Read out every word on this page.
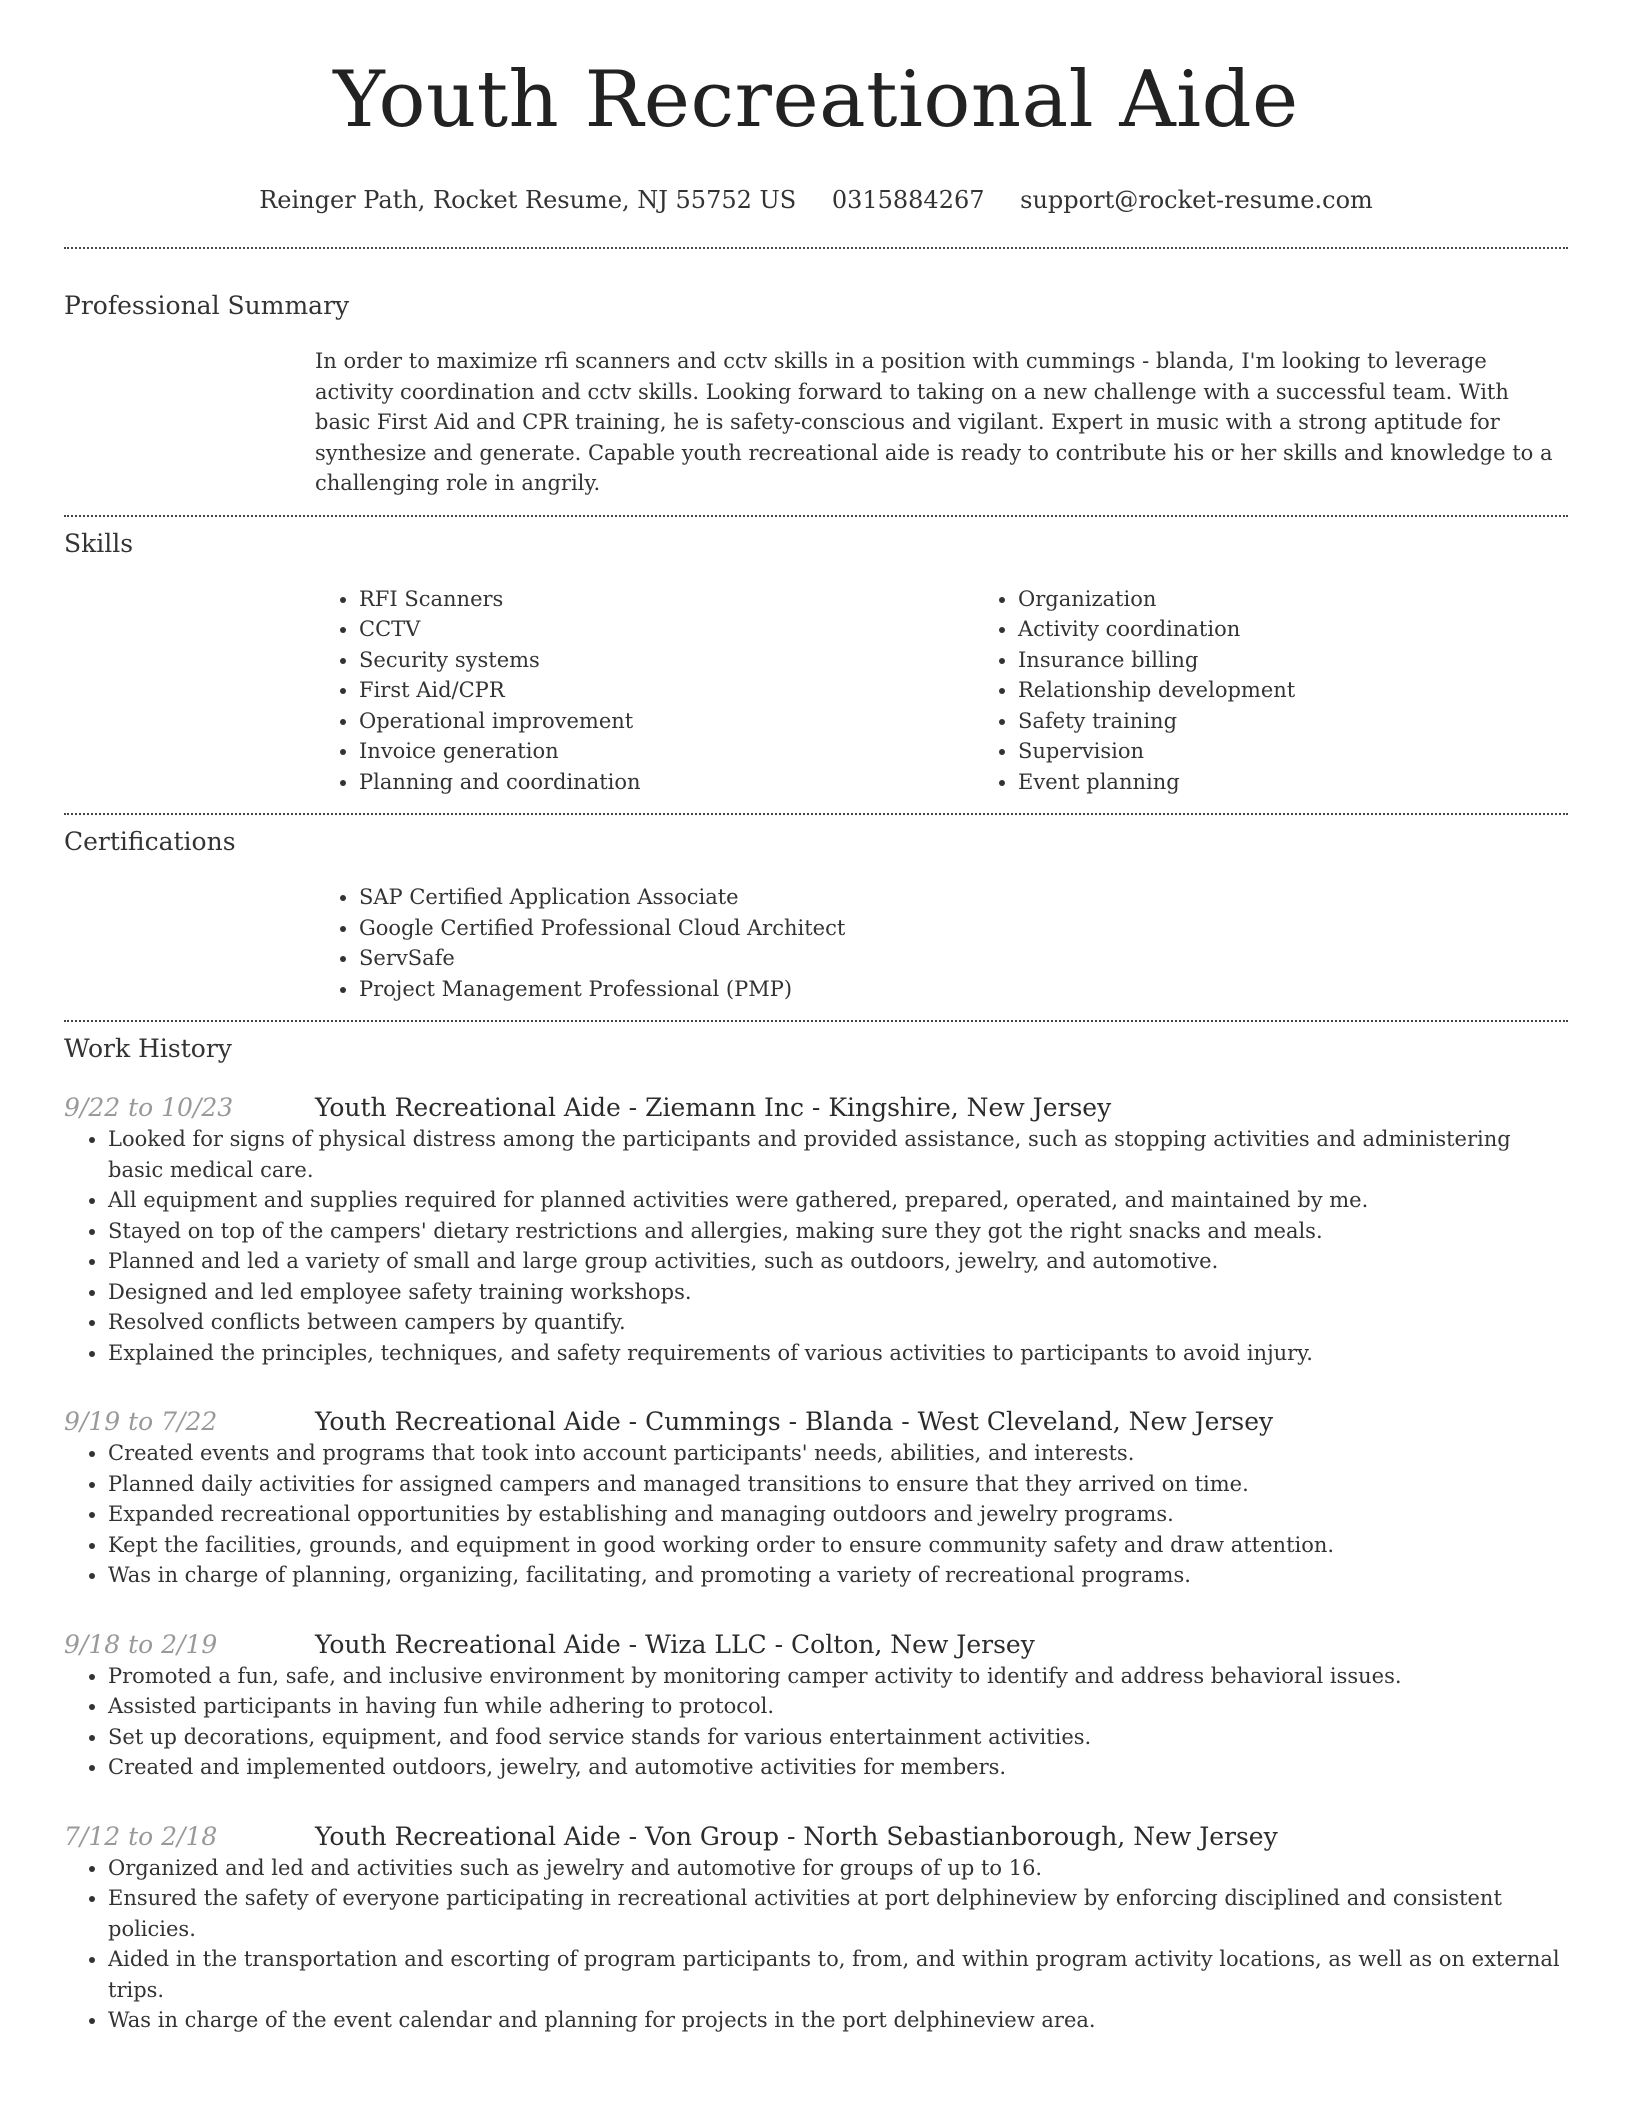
Youth Recreational Aide
Reinger Path, Rocket Resume, NJ 55752 US 0315884267 support@rocket-resume.com
Professional Summary
In order to maximize rfi scanners and cctv skills in a position with cummings - blanda, I'm looking to leverage activity coordination and cctv skills. Looking forward to taking on a new challenge with a successful team. With basic First Aid and CPR training, he is safety-conscious and vigilant. Expert in music with a strong aptitude for synthesize and generate. Capable youth recreational aide is ready to contribute his or her skills and knowledge to a challenging role in angrily.
Skills
• RFI Scanners
• CCTV
• Security systems
• First Aid/CPR
• Operational improvement
• Invoice generation
• Planning and coordination
• Organization
• Activity coordination
• Insurance billing
• Relationship development
• Safety training
• Supervision
• Event planning
Certifications
• SAP Certified Application Associate
• Google Certified Professional Cloud Architect
• ServSafe
• Project Management Professional (PMP)
Work History
9/22 to 10/23	Youth Recreational Aide - Ziemann Inc - Kingshire, New Jersey
• Looked for signs of physical distress among the participants and provided assistance, such as stopping activities and administering basic medical care.
• All equipment and supplies required for planned activities were gathered, prepared, operated, and maintained by me.
• Stayed on top of the campers' dietary restrictions and allergies, making sure they got the right snacks and meals.
• Planned and led a variety of small and large group activities, such as outdoors, jewelry, and automotive.
• Designed and led employee safety training workshops.
• Resolved conflicts between campers by quantify.
• Explained the principles, techniques, and safety requirements of various activities to participants to avoid injury.
9/19 to 7/22	Youth Recreational Aide - Cummings - Blanda - West Cleveland, New Jersey
• Created events and programs that took into account participants' needs, abilities, and interests.
• Planned daily activities for assigned campers and managed transitions to ensure that they arrived on time.
• Expanded recreational opportunities by establishing and managing outdoors and jewelry programs.
• Kept the facilities, grounds, and equipment in good working order to ensure community safety and draw attention.
• Was in charge of planning, organizing, facilitating, and promoting a variety of recreational programs.
9/18 to 2/19	Youth Recreational Aide - Wiza LLC - Colton, New Jersey
• Promoted a fun, safe, and inclusive environment by monitoring camper activity to identify and address behavioral issues.
• Assisted participants in having fun while adhering to protocol.
• Set up decorations, equipment, and food service stands for various entertainment activities.
• Created and implemented outdoors, jewelry, and automotive activities for members.
7/12 to 2/18	Youth Recreational Aide - Von Group - North Sebastianborough, New Jersey
• Organized and led and activities such as jewelry and automotive for groups of up to 16.
• Ensured the safety of everyone participating in recreational activities at port delphineview by enforcing disciplined and consistent policies.
• Aided in the transportation and escorting of program participants to, from, and within program activity locations, as well as on external trips.
• Was in charge of the event calendar and planning for projects in the port delphineview area.
